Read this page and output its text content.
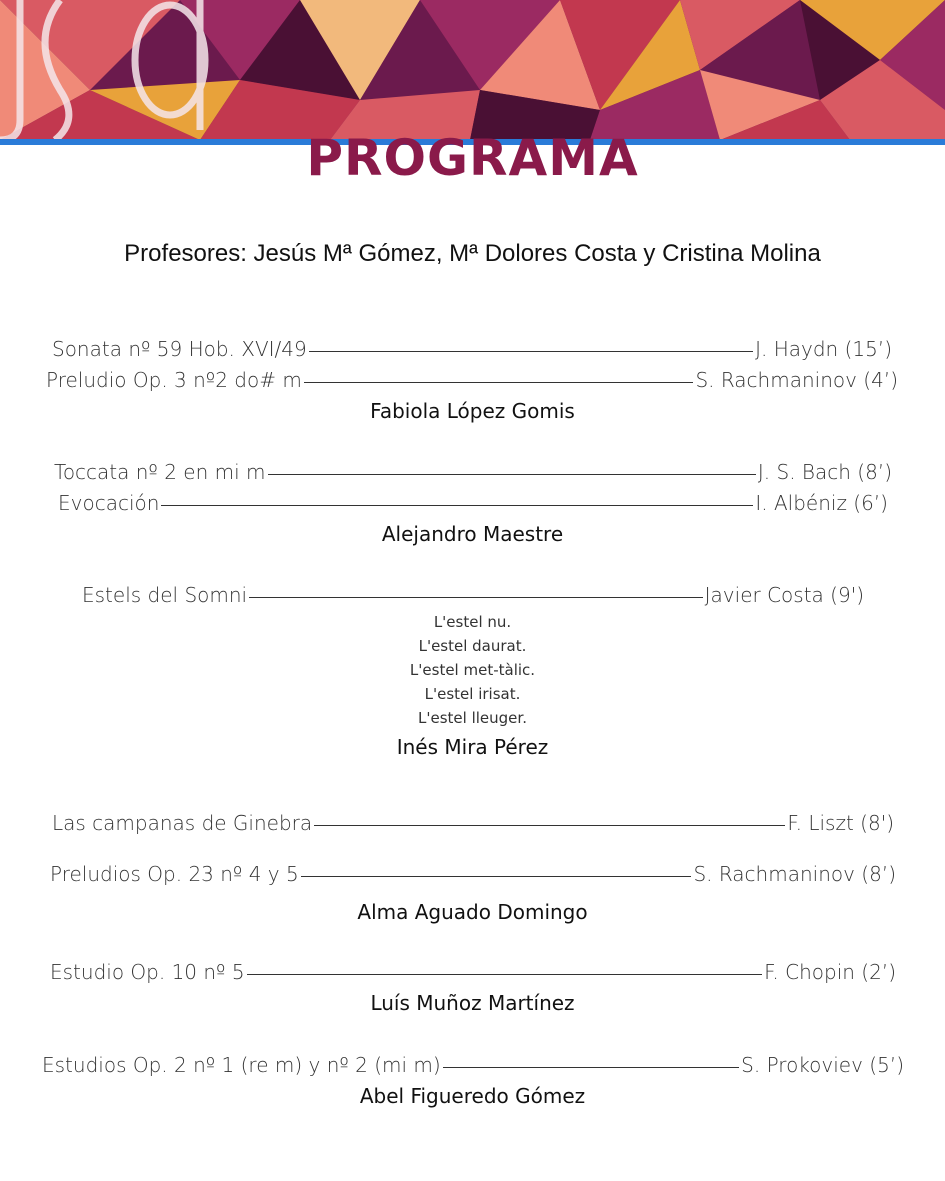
PROGRAMA
Profesores: Jesús Mª Gómez, Mª Dolores Costa y Cristina Molina
Sonata nº 59 Hob. XVI/49	J. Haydn (15’)
Preludio Op. 3 nº2 do# m	S. Rachmaninov (4’)
Fabiola López Gomis
Toccata nº 2 en mi m	J. S. Bach (8’)
Evocación	I. Albéniz (6’)
Alejandro Maestre
Estels del Somni	Javier Costa (9')
L'estel nu.
L'estel daurat.
L'estel met-tàlic.
L'estel irisat.
L'estel lleuger.
Inés Mira Pérez
Las campanas de Ginebra	F. Liszt (8')
Preludios Op. 23 nº 4 y 5	S. Rachmaninov (8’)
Alma Aguado Domingo
Estudio Op. 10 nº 5	F. Chopin (2’)
Luís Muñoz Martínez
Estudios Op. 2 nº 1 (re m) y nº 2 (mi m)	S. Prokoviev (5’)
Abel Figueredo Gómez
